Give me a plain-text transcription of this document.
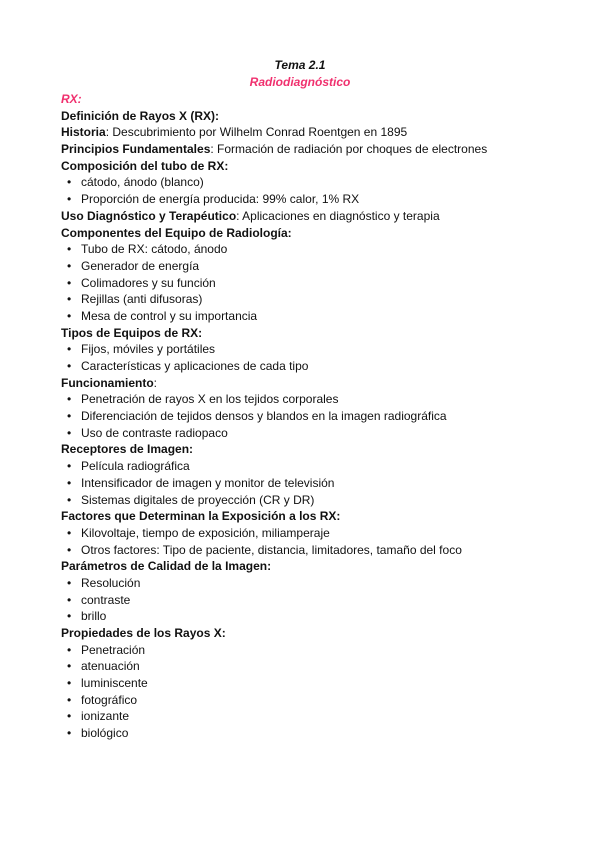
Tema 2.1
Radiodiagnóstico
RX:
Definición de Rayos X (RX):
Historia: Descubrimiento por Wilhelm Conrad Roentgen en 1895
Principios Fundamentales: Formación de radiación por choques de electrones
Composición del tubo de RX:
• cátodo, ánodo (blanco)
• Proporción de energía producida: 99% calor, 1% RX
Uso Diagnóstico y Terapéutico: Aplicaciones en diagnóstico y terapia
Componentes del Equipo de Radiología:
• Tubo de RX: cátodo, ánodo
• Generador de energía
• Colimadores y su función
• Rejillas (anti difusoras)
• Mesa de control y su importancia
Tipos de Equipos de RX:
• Fijos, móviles y portátiles
• Características y aplicaciones de cada tipo
Funcionamiento:
• Penetración de rayos X en los tejidos corporales
• Diferenciación de tejidos densos y blandos en la imagen radiográfica
• Uso de contraste radiopaco
Receptores de Imagen:
• Película radiográfica
• Intensificador de imagen y monitor de televisión
• Sistemas digitales de proyección (CR y DR)
Factores que Determinan la Exposición a los RX:
• Kilovoltaje, tiempo de exposición, miliamperaje
• Otros factores: Tipo de paciente, distancia, limitadores, tamaño del foco
Parámetros de Calidad de la Imagen:
• Resolución
• contraste
• brillo
Propiedades de los Rayos X:
• Penetración
• atenuación
• luminiscente
• fotográfico
• ionizante
• biológico
